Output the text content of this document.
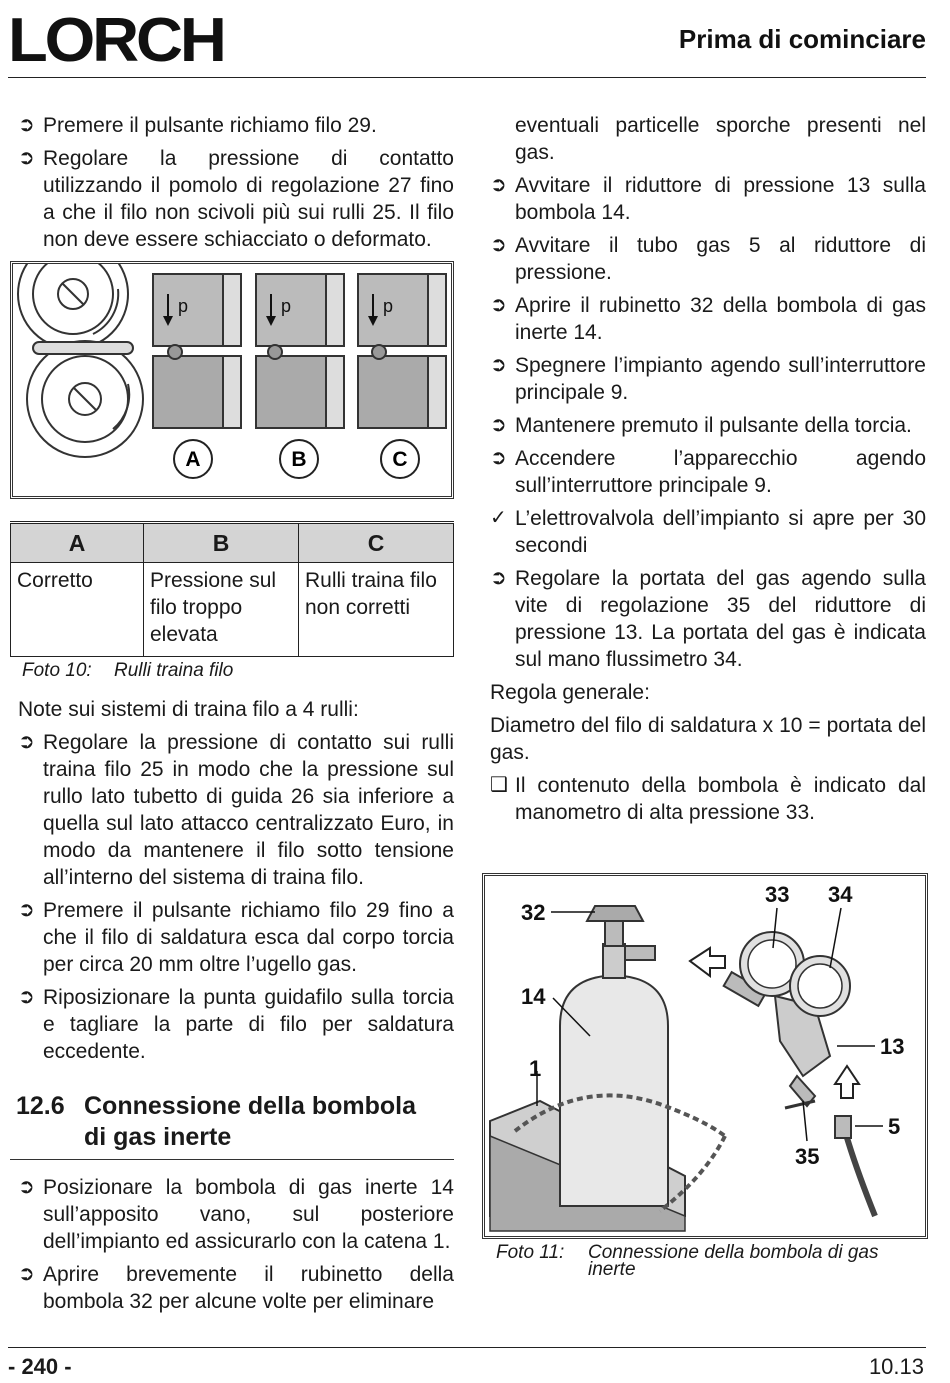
LORCH	Prima di cominciare
➲ Premere il pulsante richiamo filo 29.
➲ Regolare la pressione di contatto utilizzando il pomolo di regolazione 27 fino a che il filo non scivoli più sui rulli 25. Il filo non deve essere schiacciato o deformato.
p	p	p
A	B	C
A	B	C
Corretto	Pressione sul filo troppo elevata	Rulli traina filo non corretti
Foto 10: Rulli traina filo
Note sui sistemi di traina filo a 4 rulli:
➲ Regolare la pressione di contatto sui rulli traina filo 25 in modo che la pressione sul rullo lato tubetto di guida 26 sia inferiore a quella sul lato attacco centralizzato Euro, in modo da mantenere il filo sotto tensione all’interno del sistema di traina filo.
➲ Premere il pulsante richiamo filo 29 fino a che il filo di saldatura esca dal corpo torcia per circa 20 mm oltre l’ugello gas.
➲ Riposizionare la punta guidafilo sulla torcia e tagliare la parte di filo per saldatura eccedente.
12.6 Connessione della bombola
di gas inerte
➲ Posizionare la bombola di gas inerte 14 sull’apposito vano, sul posteriore dell’impianto ed assicurarlo con la catena 1.
➲ Aprire brevemente il rubinetto della bombola 32 per alcune volte per eliminare
eventuali particelle sporche presenti nel gas.
➲ Avvitare il riduttore di pressione 13 sulla bombola 14.
➲ Avvitare il tubo gas 5 al riduttore di pressione.
➲ Aprire il rubinetto 32 della bombola di gas inerte 14.
➲ Spegnere l’impianto agendo sull’interruttore principale 9.
➲ Mantenere premuto il pulsante della torcia.
➲ Accendere l’apparecchio agendo sull’interruttore principale 9.
✓ L’elettrovalvola dell’impianto si apre per 30 secondi
➲ Regolare la portata del gas agendo sulla vite di regolazione 35 del riduttore di pressione 13. La portata del gas è indicata sul mano flussimetro 34.
Regola generale:
Diametro del filo di saldatura x 10 = portata del gas.
❑ Il contenuto della bombola è indicato dal manometro di alta pressione 33.
32
14
1
33 34
13
5
35
Foto 11: Connessione della bombola di gas inerte
- 240 -	10.13
